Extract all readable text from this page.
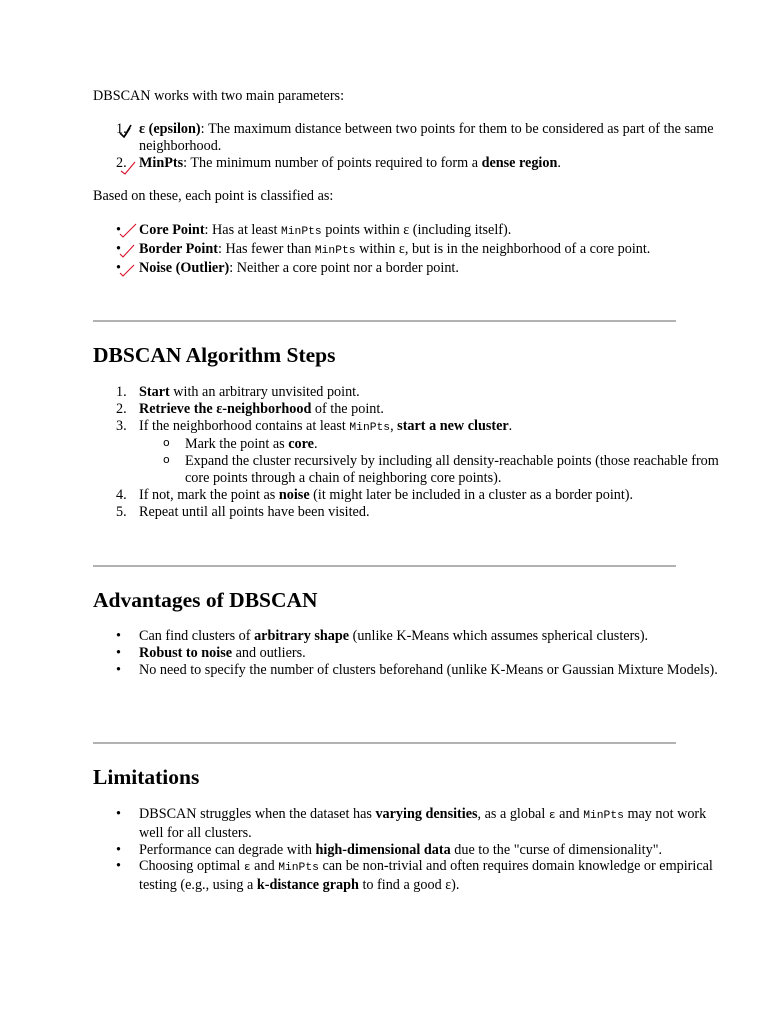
DBSCAN works with two main parameters:

1. ε (epsilon): The maximum distance between two points for them to be considered as part of the same neighborhood.
2. MinPts: The minimum number of points required to form a dense region.

Based on these, each point is classified as:

• Core Point: Has at least MinPts points within ε (including itself).
• Border Point: Has fewer than MinPts within ε, but is in the neighborhood of a core point.
• Noise (Outlier): Neither a core point nor a border point.
DBSCAN Algorithm Steps
1. Start with an arbitrary unvisited point.
2. Retrieve the ε-neighborhood of the point.
3. If the neighborhood contains at least MinPts, start a new cluster.
o Mark the point as core.
o Expand the cluster recursively by including all density-reachable points (those reachable from core points through a chain of neighboring core points).
4. If not, mark the point as noise (it might later be included in a cluster as a border point).
5. Repeat until all points have been visited.
Advantages of DBSCAN
• Can find clusters of arbitrary shape (unlike K-Means which assumes spherical clusters).
• Robust to noise and outliers.
• No need to specify the number of clusters beforehand (unlike K-Means or Gaussian Mixture Models).
Limitations
• DBSCAN struggles when the dataset has varying densities, as a global ε and MinPts may not work well for all clusters.
• Performance can degrade with high-dimensional data due to the "curse of dimensionality".
• Choosing optimal ε and MinPts can be non-trivial and often requires domain knowledge or empirical testing (e.g., using a k-distance graph to find a good ε).
